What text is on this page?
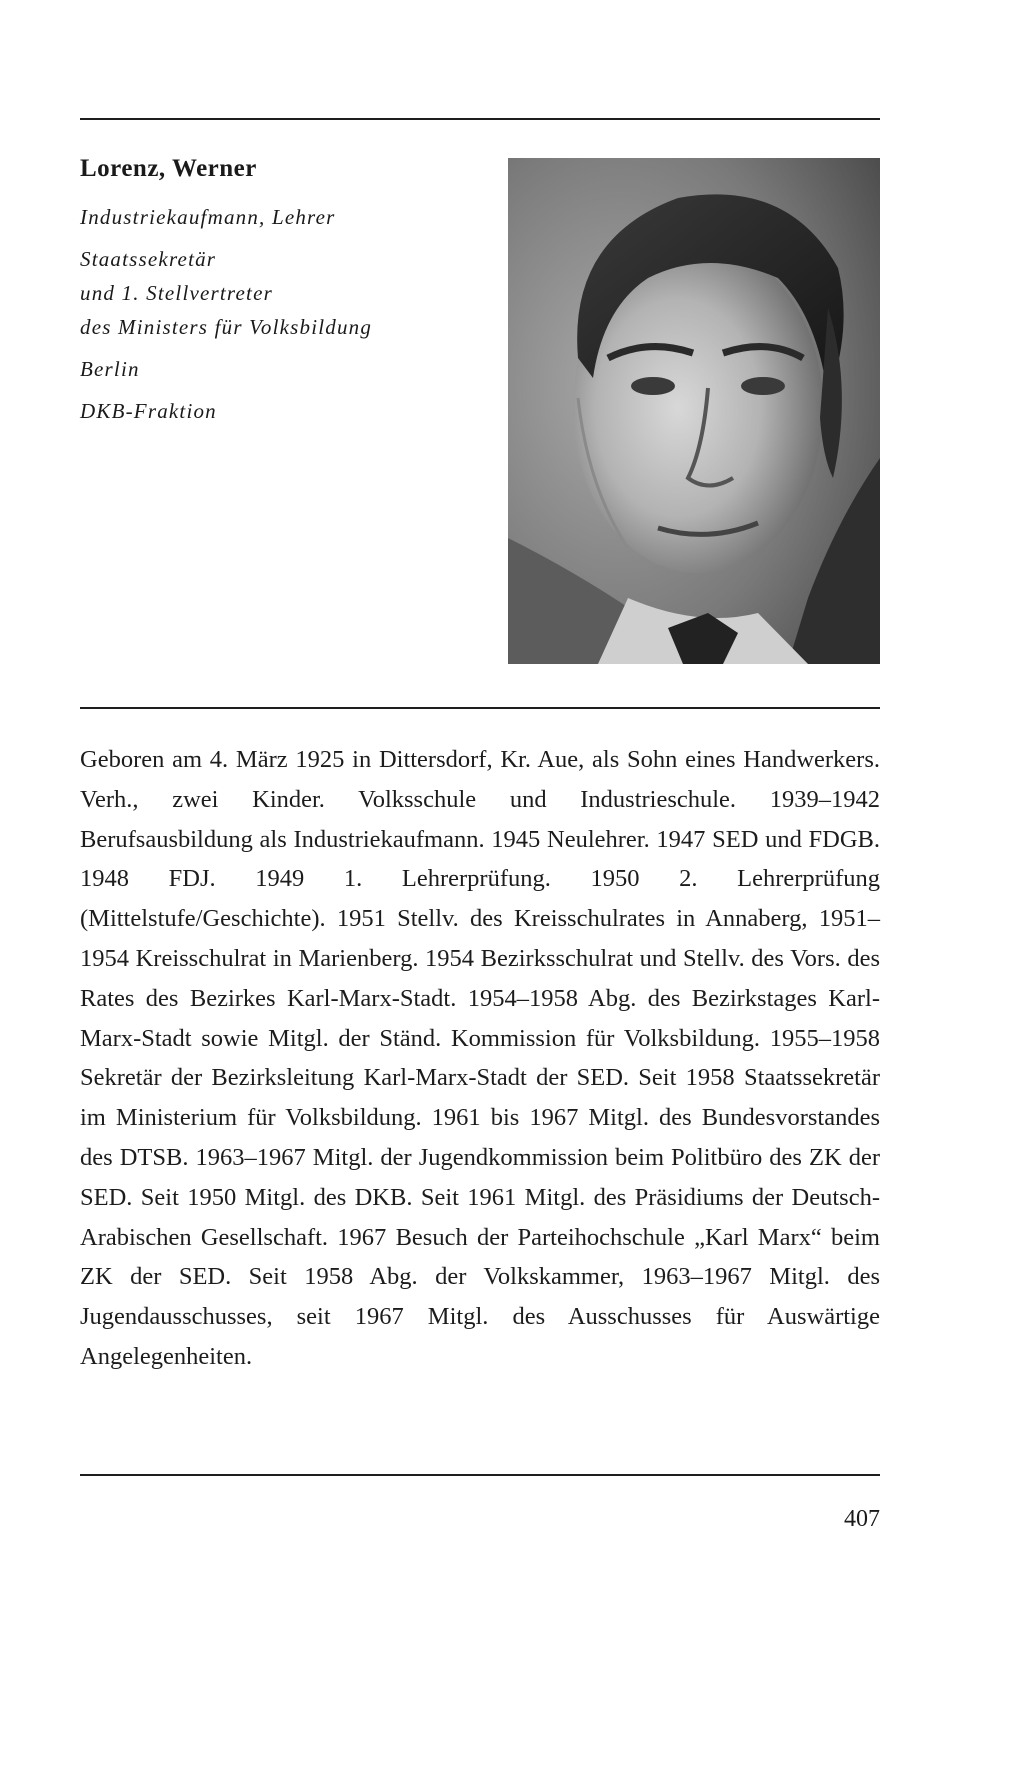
Lorenz, Werner

Industriekaufmann, Lehrer

Staatssekretär

und 1. Stellvertreter

des Ministers für Volksbildung

Berlin

DKB-Fraktion

Geboren am 4. März 1925 in Dittersdorf, Kr. Aue, als Sohn eines Handwerkers. Verh., zwei Kinder. Volksschule und Industrieschule. 1939–1942 Berufsausbildung als Industriekaufmann. 1945 Neulehrer. 1947 SED und FDGB. 1948 FDJ. 1949 1. Lehrerprüfung. 1950 2. Lehrerprüfung (Mittelstufe/Geschichte). 1951 Stellv. des Kreisschulrates in Annaberg, 1951–1954 Kreisschulrat in Marienberg. 1954 Bezirksschulrat und Stellv. des Vors. des Rates des Bezirkes Karl-Marx-Stadt. 1954–1958 Abg. des Bezirkstages Karl-Marx-Stadt sowie Mitgl. der Ständ. Kommission für Volksbildung. 1955–1958 Sekretär der Bezirksleitung Karl-Marx-Stadt der SED. Seit 1958 Staatssekretär im Ministerium für Volksbildung. 1961 bis 1967 Mitgl. des Bundesvorstandes des DTSB. 1963–1967 Mitgl. der Jugendkommission beim Politbüro des ZK der SED. Seit 1950 Mitgl. des DKB. Seit 1961 Mitgl. des Präsidiums der Deutsch-Arabischen Gesellschaft. 1967 Besuch der Parteihochschule „Karl Marx“ beim ZK der SED. Seit 1958 Abg. der Volkskammer, 1963–1967 Mitgl. des Jugendausschusses, seit 1967 Mitgl. des Ausschusses für Auswärtige Angelegenheiten.

407
